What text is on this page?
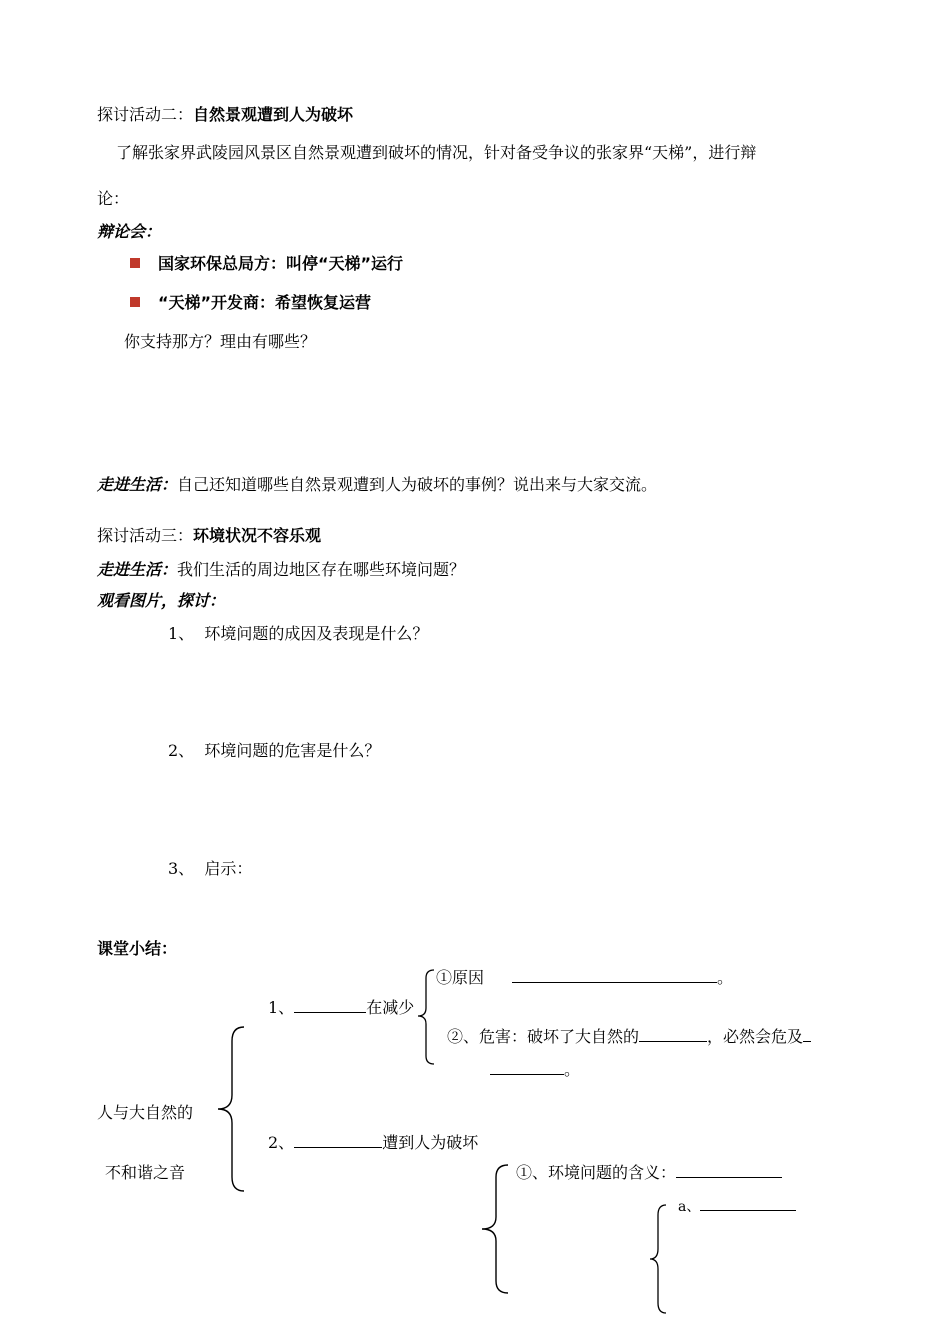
探讨活动二：自然景观遭到人为破坏
了解张家界武陵园风景区自然景观遭到破坏的情况，针对备受争议的张家界“天梯”，进行辩
论：
辩论会：
国家环保总局方：叫停“天梯”运行
“天梯”开发商：希望恢复运营
你支持那方？理由有哪些？
走进生活：自己还知道哪些自然景观遭到人为破坏的事例？说出来与大家交流。
探讨活动三：环境状况不容乐观
走进生活：我们生活的周边地区存在哪些环境问题？
观看图片，探讨：
1、 环境问题的成因及表现是什么？
2、 环境问题的危害是什么？
3、 启示：
课堂小结：
人与大自然的
不和谐之音
1、	在减少
①原因	。
②、危害：破坏了大自然的	，必然会危及
。
2、	遭到人为破坏
①、环境问题的含义：
a、
